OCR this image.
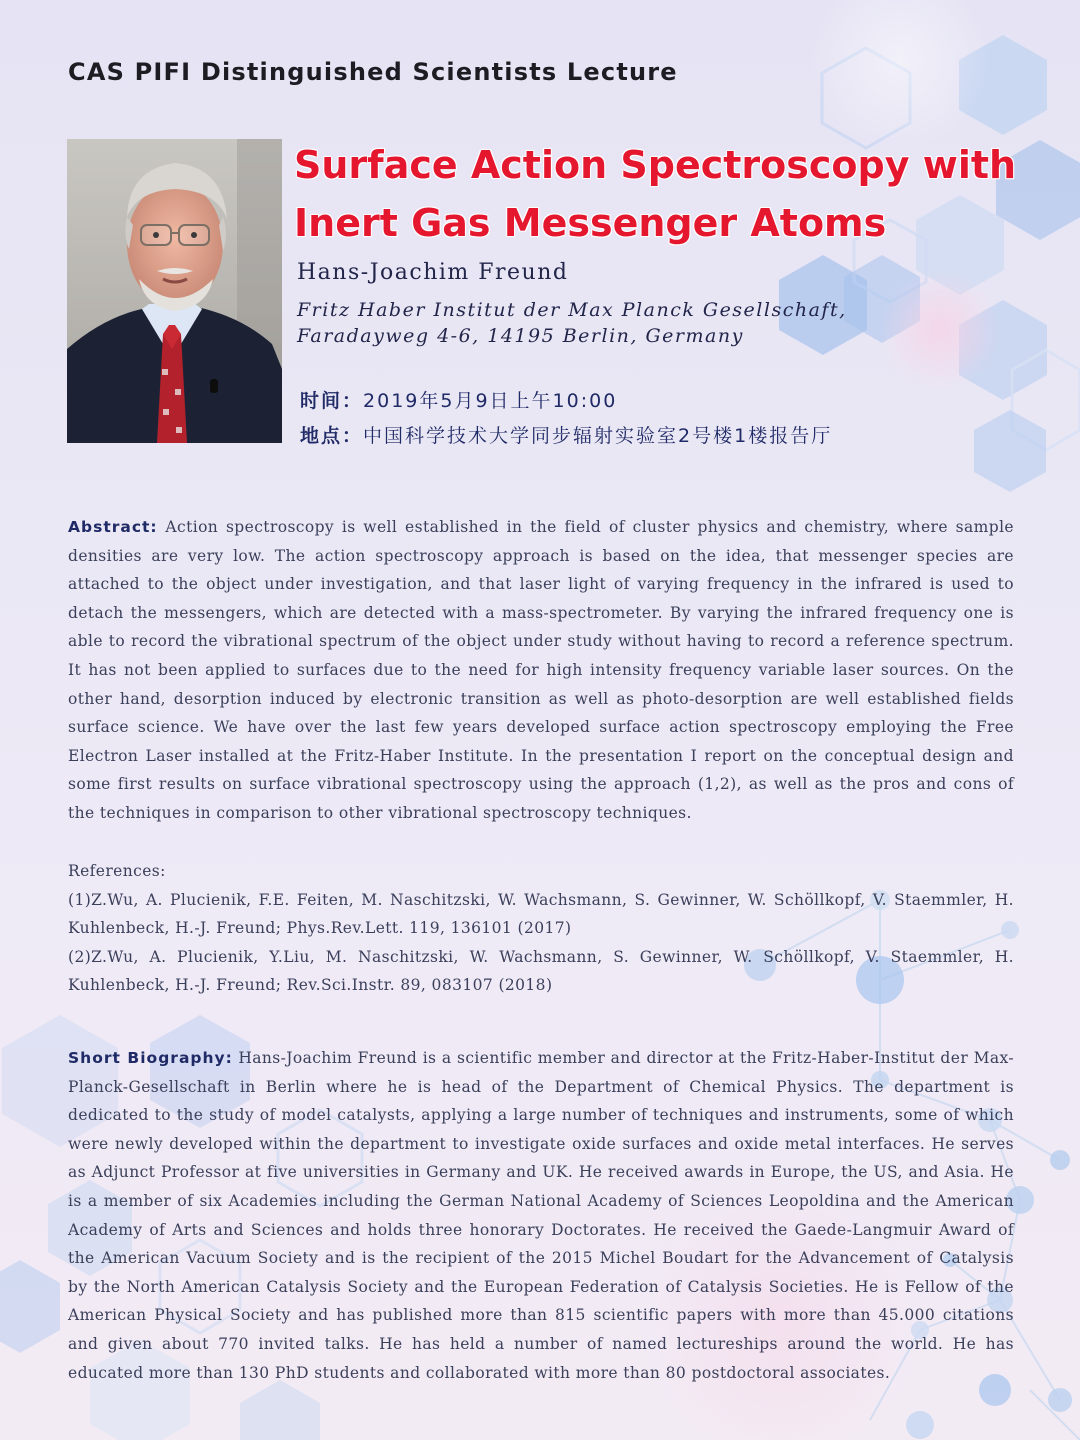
CAS PIFI Distinguished Scientists Lecture
Surface Action Spectroscopy with
Inert Gas Messenger Atoms
Hans-Joachim Freund
Fritz Haber Institut der Max Planck Gesellschaft,
Faradayweg 4-6, 14195 Berlin, Germany
时间：2019年5月9日上午10:00
地点：中国科学技术大学同步辐射实验室2号楼1楼报告厅

Abstract: Action spectroscopy is well established in the field of cluster physics and chemistry, where sample densities are very low. The action spectroscopy approach is based on the idea, that messenger species are attached to the object under investigation, and that laser light of varying frequency in the infrared is used to detach the messengers, which are detected with a mass-spectrometer. By varying the infrared frequency one is able to record the vibrational spectrum of the object under study without having to record a reference spectrum. It has not been applied to surfaces due to the need for high intensity frequency variable laser sources. On the other hand, desorption induced by electronic transition as well as photo-desorption are well established fields surface science. We have over the last few years developed surface action spectroscopy employing the Free Electron Laser installed at the Fritz-Haber Institute. In the presentation I report on the conceptual design and some first results on surface vibrational spectroscopy using the approach (1,2), as well as the pros and cons of the techniques in comparison to other vibrational spectroscopy techniques.

References:
(1)Z.Wu, A. Plucienik, F.E. Feiten, M. Naschitzski, W. Wachsmann, S. Gewinner, W. Schöllkopf, V. Staemmler, H. Kuhlenbeck, H.-J. Freund; Phys.Rev.Lett. 119, 136101 (2017)
(2)Z.Wu, A. Plucienik, Y.Liu, M. Naschitzski, W. Wachsmann, S. Gewinner, W. Schöllkopf, V. Staemmler, H. Kuhlenbeck, H.-J. Freund; Rev.Sci.Instr. 89, 083107 (2018)

Short Biography: Hans-Joachim Freund is a scientific member and director at the Fritz-Haber-Institut der Max-Planck-Gesellschaft in Berlin where he is head of the Department of Chemical Physics. The department is dedicated to the study of model catalysts, applying a large number of techniques and instruments, some of which were newly developed within the department to investigate oxide surfaces and oxide metal interfaces. He serves as Adjunct Professor at five universities in Germany and UK. He received awards in Europe, the US, and Asia. He is a member of six Academies including the German National Academy of Sciences Leopoldina and the American Academy of Arts and Sciences and holds three honorary Doctorates. He received the Gaede-Langmuir Award of the American Vacuum Society and is the recipient of the 2015 Michel Boudart for the Advancement of Catalysis by the North American Catalysis Society and the European Federation of Catalysis Societies. He is Fellow of the American Physical Society and has published more than 815 scientific papers with more than 45.000 citations and given about 770 invited talks. He has held a number of named lectureships around the world. He has educated more than 130 PhD students and collaborated with more than 80 postdoctoral associates.
